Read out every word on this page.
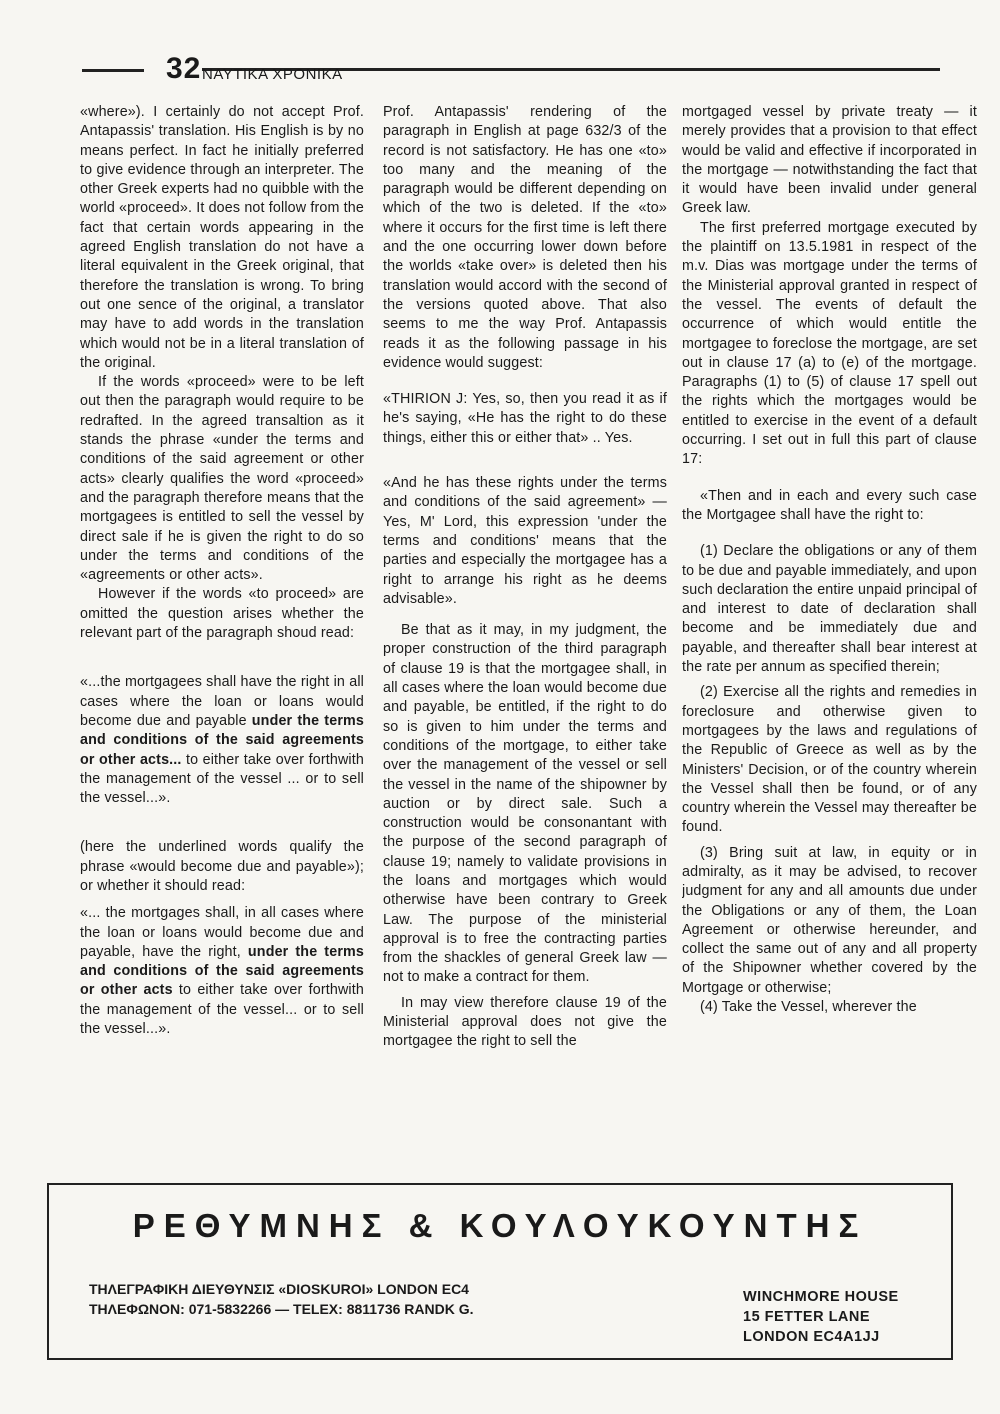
32 ΝΑΥΤΙΚΑ ΧΡΟΝΙΚΑ

«where»). I certainly do not accept Prof. Antapassis' translation. His English is by no means perfect. In fact he initially preferred to give evidence through an interpreter. The other Greek experts had no quibble with the world «proceed». It does not follow from the fact that certain words appearing in the agreed English translation do not have a literal equivalent in the Greek original, that therefore the translation is wrong. To bring out one sence of the original, a translator may have to add words in the translation which would not be in a literal translation of the original.

If the words «proceed» were to be left out then the paragraph would require to be redrafted. In the agreed transaltion as it stands the phrase «under the terms and conditions of the said agreement or other acts» clearly qualifies the word «proceed» and the paragraph therefore means that the mortgagees is entitled to sell the vessel by direct sale if he is given the right to do so under the terms and conditions of the «agreements or other acts».

However if the words «to proceed» are omitted the question arises whether the relevant part of the paragraph shoud read:

«...the mortgagees shall have the right in all cases where the loan or loans would become due and payable under the terms and conditions of the said agreements or other acts... to either take over forthwith the management of the vessel ... or to sell the vessel...».

(here the underlined words qualify the phrase «would become due and payable»); or whether it should read:

«... the mortgages shall, in all cases where the loan or loans would become due and payable, have the right, under the terms and conditions of the said agreements or other acts to either take over forthwith the management of the vessel... or to sell the vessel...».

Prof. Antapassis' rendering of the paragraph in English at page 632/3 of the record is not satisfactory. He has one «to» too many and the meaning of the paragraph would be different depending on which of the two is deleted. If the «to» where it occurs for the first time is left there and the one occurring lower down before the worlds «take over» is deleted then his translation would accord with the second of the versions quoted above. That also seems to me the way Prof. Antapassis reads it as the following passage in his evidence would suggest:

«THIRION J: Yes, so, then you read it as if he's saying, «He has the right to do these things, either this or either that» .. Yes.

«And he has these rights under the terms and conditions of the said agreement» — Yes, M' Lord, this expression 'under the terms and conditions' means that the parties and especially the mortgagee has a right to arrange his right as he deems advisable».

Be that as it may, in my judgment, the proper construction of the third paragraph of clause 19 is that the mortgagee shall, in all cases where the loan would become due and payable, be entitled, if the right to do so is given to him under the terms and conditions of the mortgage, to either take over the management of the vessel or sell the vessel in the name of the shipowner by auction or by direct sale. Such a construction would be consonantant with the purpose of the second paragraph of clause 19; namely to validate provisions in the loans and mortgages which would otherwise have been contrary to Greek Law. The purpose of the ministerial approval is to free the contracting parties from the shackles of general Greek law — not to make a contract for them.

In may view therefore clause 19 of the Ministerial approval does not give the mortgagee the right to sell the

mortgaged vessel by private treaty — it merely provides that a provision to that effect would be valid and effective if incorporated in the mortgage — notwithstanding the fact that it would have been invalid under general Greek law.

The first preferred mortgage executed by the plaintiff on 13.5.1981 in respect of the m.v. Dias was mortgage under the terms of the Ministerial approval granted in respect of the vessel. The events of default the occurrence of which would entitle the mortgagee to foreclose the mortgage, are set out in clause 17 (a) to (e) of the mortgage. Paragraphs (1) to (5) of clause 17 spell out the rights which the mortgages would be entitled to exercise in the event of a default occurring. I set out in full this part of clause 17:

«Then and in each and every such case the Mortgagee shall have the right to:

(1) Declare the obligations or any of them to be due and payable immediately, and upon such declaration the entire unpaid principal of and interest to date of declaration shall become and be immediately due and payable, and thereafter shall bear interest at the rate per annum as specified therein;

(2) Exercise all the rights and remedies in foreclosure and otherwise given to mortgagees by the laws and regulations of the Republic of Greece as well as by the Ministers' Decision, or of the country wherein the Vessel shall then be found, or of any country wherein the Vessel may thereafter be found.

(3) Bring suit at law, in equity or in admiralty, as it may be advised, to recover judgment for any and all amounts due under the Obligations or any of them, the Loan Agreement or otherwise hereunder, and collect the same out of any and all property of the Shipowner whether covered by the Mortgage or otherwise;

(4) Take the Vessel, wherever the

ΡΕΘΥΜΝΗΣ & ΚΟΥΛΟΥΚΟΥΝΤΗΣ
ΤΗΛΕΓΡΑΦΙΚΗ ΔΙΕΥΘΥΝΣΙΣ «DIOSKUROI» LONDON EC4
ΤΗΛΕΦΩΝΟΝ: 071-5832266 — TELEX: 8811736 RANDK G.
WINCHMORE HOUSE
15 FETTER LANE
LONDON EC4A1JJ
